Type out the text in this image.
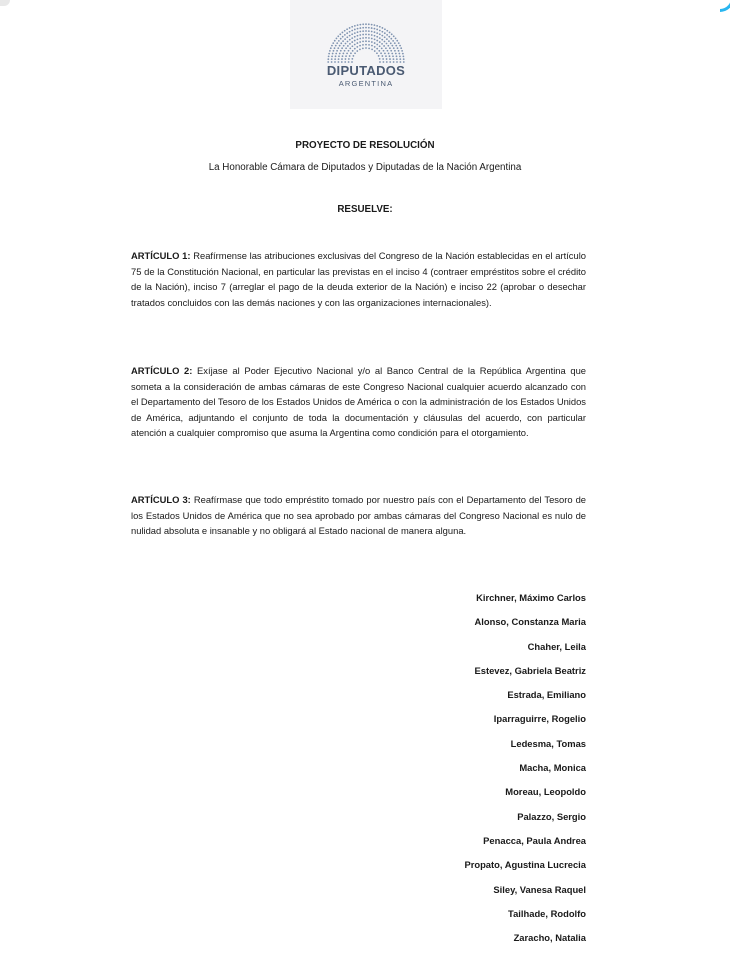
DIPUTADOS
ARGENTINA
PROYECTO DE RESOLUCIÓN
La Honorable Cámara de Diputados y Diputadas de la Nación Argentina
RESUELVE:

ARTÍCULO 1: Reafírmense las atribuciones exclusivas del Congreso de la Nación establecidas en el artículo 75 de la Constitución Nacional, en particular las previstas en el inciso 4 (contraer empréstitos sobre el crédito de la Nación), inciso 7 (arreglar el pago de la deuda exterior de la Nación) e inciso 22 (aprobar o desechar tratados concluidos con las demás naciones y con las organizaciones internacionales).

ARTÍCULO 2: Exíjase al Poder Ejecutivo Nacional y/o al Banco Central de la República Argentina que someta a la consideración de ambas cámaras de este Congreso Nacional cualquier acuerdo alcanzado con el Departamento del Tesoro de los Estados Unidos de América o con la administración de los Estados Unidos de América, adjuntando el conjunto de toda la documentación y cláusulas del acuerdo, con particular atención a cualquier compromiso que asuma la Argentina como condición para el otorgamiento.

ARTÍCULO 3: Reafírmase que todo empréstito tomado por nuestro país con el Departamento del Tesoro de los Estados Unidos de América que no sea aprobado por ambas cámaras del Congreso Nacional es nulo de nulidad absoluta e insanable y no obligará al Estado nacional de manera alguna.

Kirchner, Máximo Carlos
Alonso, Constanza Maria
Chaher, Leila
Estevez, Gabriela Beatriz
Estrada, Emiliano
Iparraguirre, Rogelio
Ledesma, Tomas
Macha, Monica
Moreau, Leopoldo
Palazzo, Sergio
Penacca, Paula Andrea
Propato, Agustina Lucrecia
Siley, Vanesa Raquel
Tailhade, Rodolfo
Zaracho, Natalia
